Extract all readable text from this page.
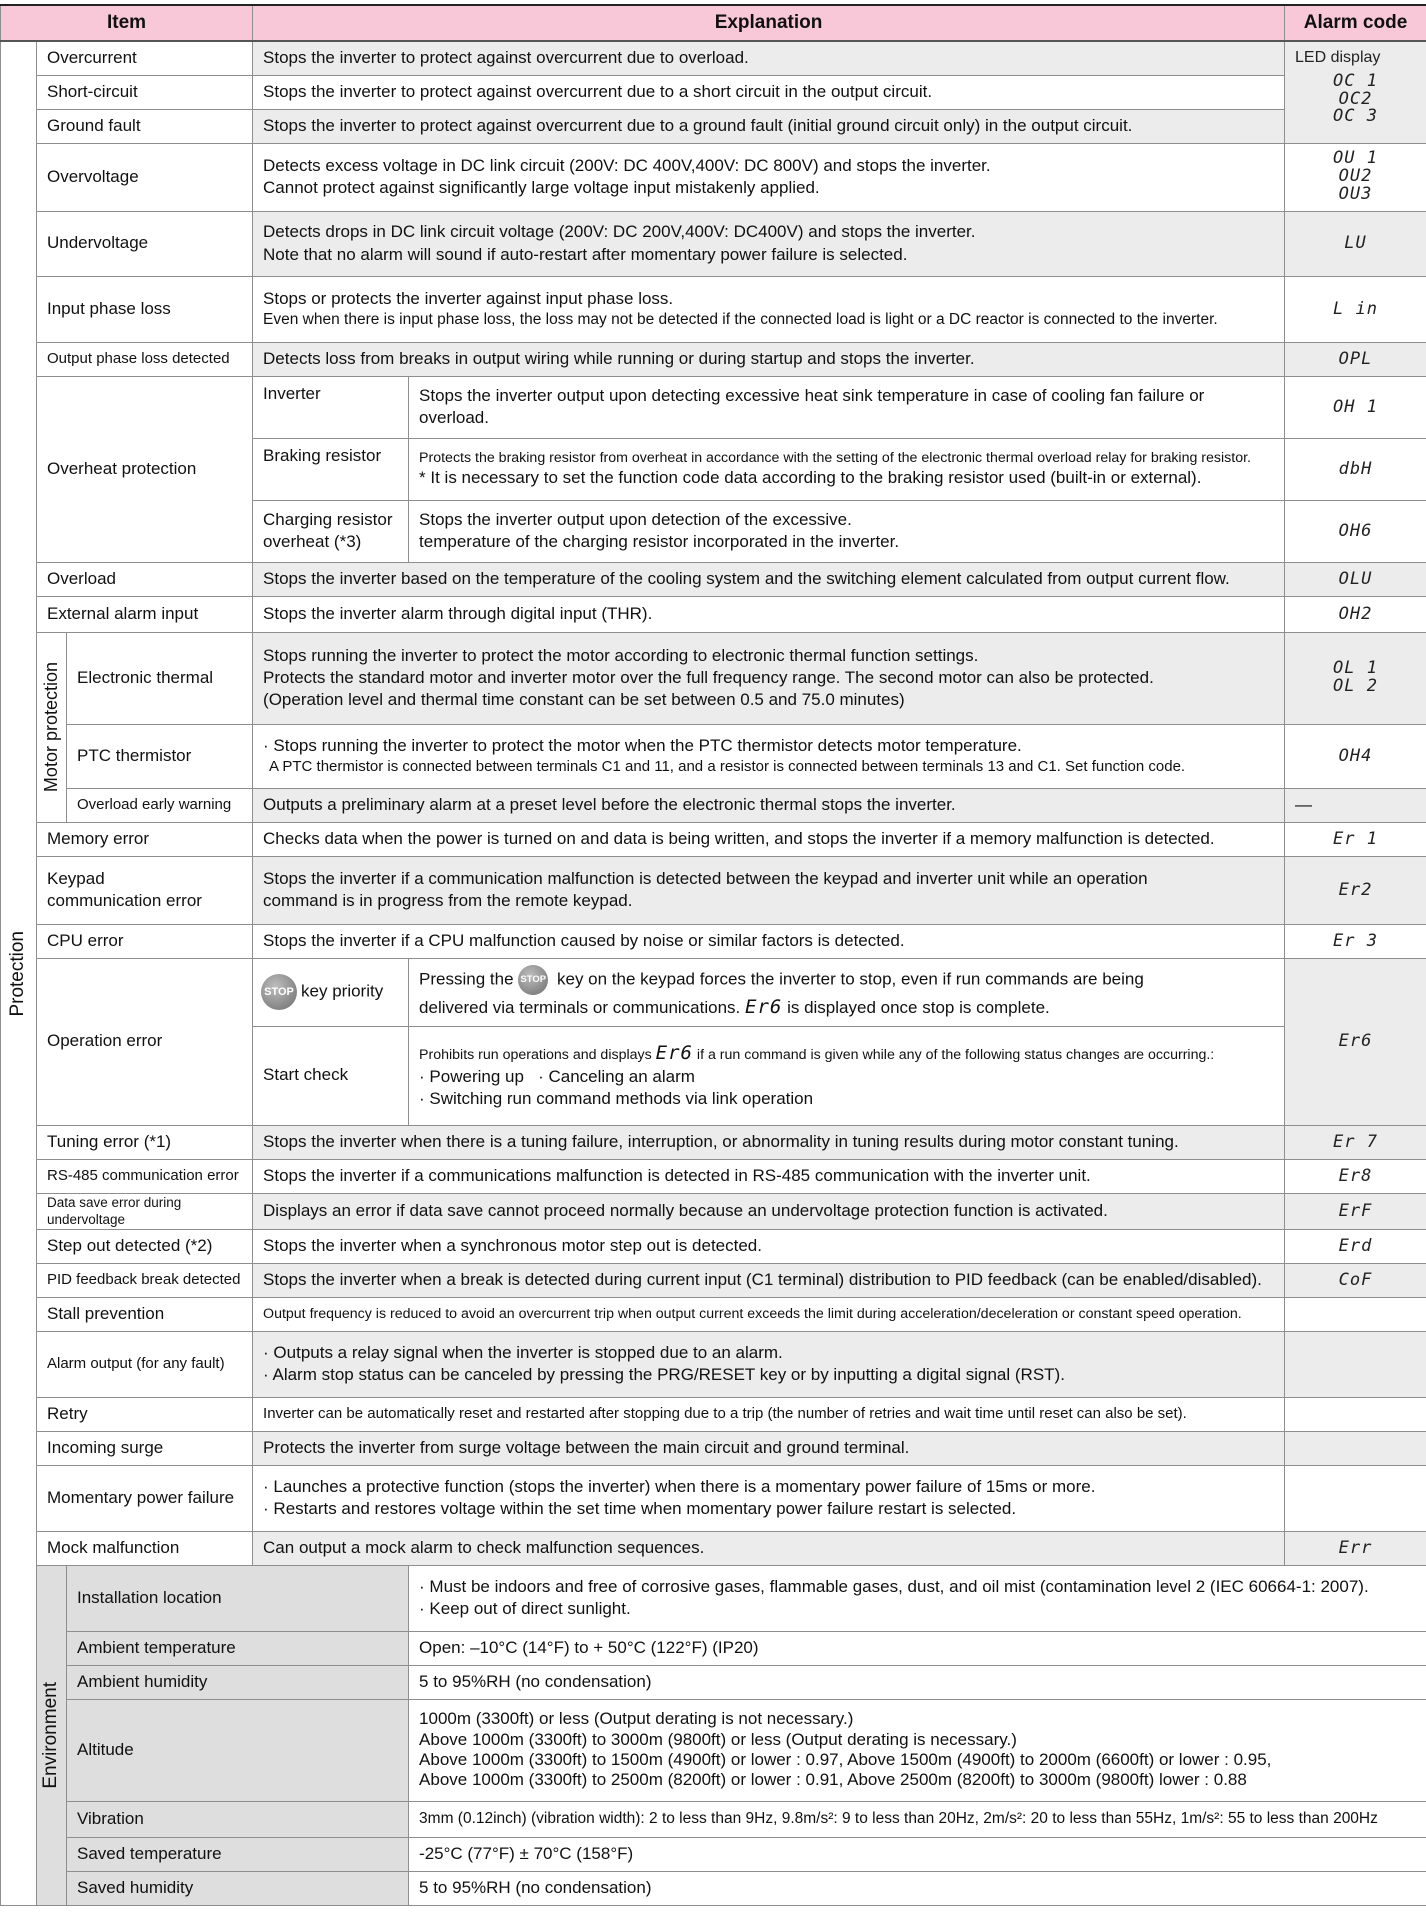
Item			Explanation		Alarm code	

Protection	Overcurrent		Stops the inverter to protect against overcurrent due to overload.		LED display
OC 1
OC2
OC 3	

	Short-circuit		Stops the inverter to protect against overcurrent due to a short circuit in the output circuit.			
	Ground fault		Stops the inverter to protect against overcurrent due to a ground fault (initial ground circuit only) in the output circuit.			
	Overvoltage		Detects excess voltage in DC link circuit (200V: DC 400V,400V: DC 800V) and stops the inverter.
Cannot protect against significantly large voltage input mistakenly applied.		OU 1
OU2
OU3	

	Undervoltage		Detects drops in DC link circuit voltage (200V: DC 200V,400V: DC400V) and stops the inverter.
Note that no alarm will sound if auto-restart after momentary power failure is selected.		LU	
	Input phase loss		Stops or protects the inverter against input phase loss.
Even when there is input phase loss, the loss may not be detected if the connected load is light or a DC reactor is connected to the inverter.		L in	
	Output phase loss detected		Detects loss from breaks in output wiring while running or during startup and stops the inverter.		OPL	
	Overheat protection		Inverter	Stops the inverter output upon detecting excessive heat sink temperature in case of cooling fan failure or
overload.	OH 1	
			Braking resistor	Protects the braking resistor from overheat in accordance with the setting of the electronic thermal overload relay for braking resistor.
* It is necessary to set the function code data according to the braking resistor used (built-in or external).	dbH	

			Charging resistor
overheat (*3)	Stops the inverter output upon detection of the excessive.
temperature of the charging resistor incorporated in the inverter.	OH6	
	Overload		Stops the inverter based on the temperature of the cooling system and the switching element calculated from output current flow.		OLU	
	External alarm input		Stops the inverter alarm through digital input (THR).		OH2	

	Motor protection	Electronic thermal	Stops running the inverter to protect the motor according to electronic thermal function settings.
Protects the standard motor and inverter motor over the full frequency range. The second motor can also be protected.
(Operation level and thermal time constant can be set between 0.5 and 75.0 minutes)		OL 1
OL 2	

		PTC thermistor	· Stops running the inverter to protect the motor when the PTC thermistor detects motor temperature.
A PTC thermistor is connected between terminals C1 and 11, and a resistor is connected between terminals 13 and C1. Set function code.		OH4	
		Overload early warning	Outputs a preliminary alarm at a preset level before the electronic thermal stops the inverter.		—	
	Memory error		Checks data when the power is turned on and data is being written, and stops the inverter if a memory malfunction is detected.		Er 1	

	Keypad
communication error		Stops the inverter if a communication malfunction is detected between the keypad and inverter unit while an operation
command is in progress from the remote keypad.		Er2	
	CPU error		Stops the inverter if a CPU malfunction caused by noise or similar factors is detected.		Er 3	
	Operation error		STOP key priority	Pressing the STOP key on the keypad forces the inverter to stop, even if run commands are being
delivered via terminals or communications. Er6 is displayed once stop is complete.	Er6	
			Start check	Prohibits run operations and displays Er6 if a run command is given while any of the following status changes are occurring.:
· Powering up   · Canceling an alarm
· Switching run command methods via link operation		

	Tuning error (*1)		Stops the inverter when there is a tuning failure, interruption, or abnormality in tuning results during motor constant tuning.		Er 7	
	RS-485 communication error		Stops the inverter if a communications malfunction is detected in RS-485 communication with the inverter unit.		Er8	
	Data save error during undervoltage		Displays an error if data save cannot proceed normally because an undervoltage protection function is activated.		ErF	
	Step out detected (*2)		Stops the inverter when a synchronous motor step out is detected.		Erd	
	PID feedback break detected		Stops the inverter when a break is detected during current input (C1 terminal) distribution to PID feedback (can be enabled/disabled).		CoF	
	Stall prevention		Output frequency is reduced to avoid an overcurrent trip when output current exceeds the limit during acceleration/deceleration or constant speed operation.			
	Alarm output (for any fault)		· Outputs a relay signal when the inverter is stopped due to an alarm.
· Alarm stop status can be canceled by pressing the PRG/RESET key or by inputting a digital signal (RST).			

	Retry		Inverter can be automatically reset and restarted after stopping due to a trip (the number of retries and wait time until reset can also be set).			
	Incoming surge		Protects the inverter from surge voltage between the main circuit and ground terminal.			
	Momentary power failure		· Launches a protective function (stops the inverter) when there is a momentary power failure of 15ms or more.
· Restarts and restores voltage within the set time when momentary power failure restart is selected.			

	Mock malfunction		Can output a mock alarm to check malfunction sequences.		Err	

	Environment	Installation location		· Must be indoors and free of corrosive gases, flammable gases, dust, and oil mist (contamination level 2 (IEC 60664-1: 2007).
· Keep out of direct sunlight.		

		Ambient temperature		Open: –10°C (14°F) to + 50°C (122°F) (IP20)		
		Ambient humidity		5 to 95%RH (no condensation)		
		Altitude		1000m (3300ft) or less (Output derating is not necessary.)
Above 1000m (3300ft) to 3000m (9800ft) or less (Output derating is necessary.)
Above 1000m (3300ft) to 1500m (4900ft) or lower : 0.97, Above 1500m (4900ft) to 2000m (6600ft) or lower : 0.95,
Above 1000m (3300ft) to 2500m (8200ft) or lower : 0.91, Above 2500m (8200ft) to 3000m (9800ft) lower : 0.88		

		Vibration		3mm (0.12inch) (vibration width): 2 to less than 9Hz, 9.8m/s²: 9 to less than 20Hz, 2m/s²: 20 to less than 55Hz, 1m/s²: 55 to less than 200Hz		
		Saved temperature		-25°C (77°F) ± 70°C (158°F)		
		Saved humidity		5 to 95%RH (no condensation)		
